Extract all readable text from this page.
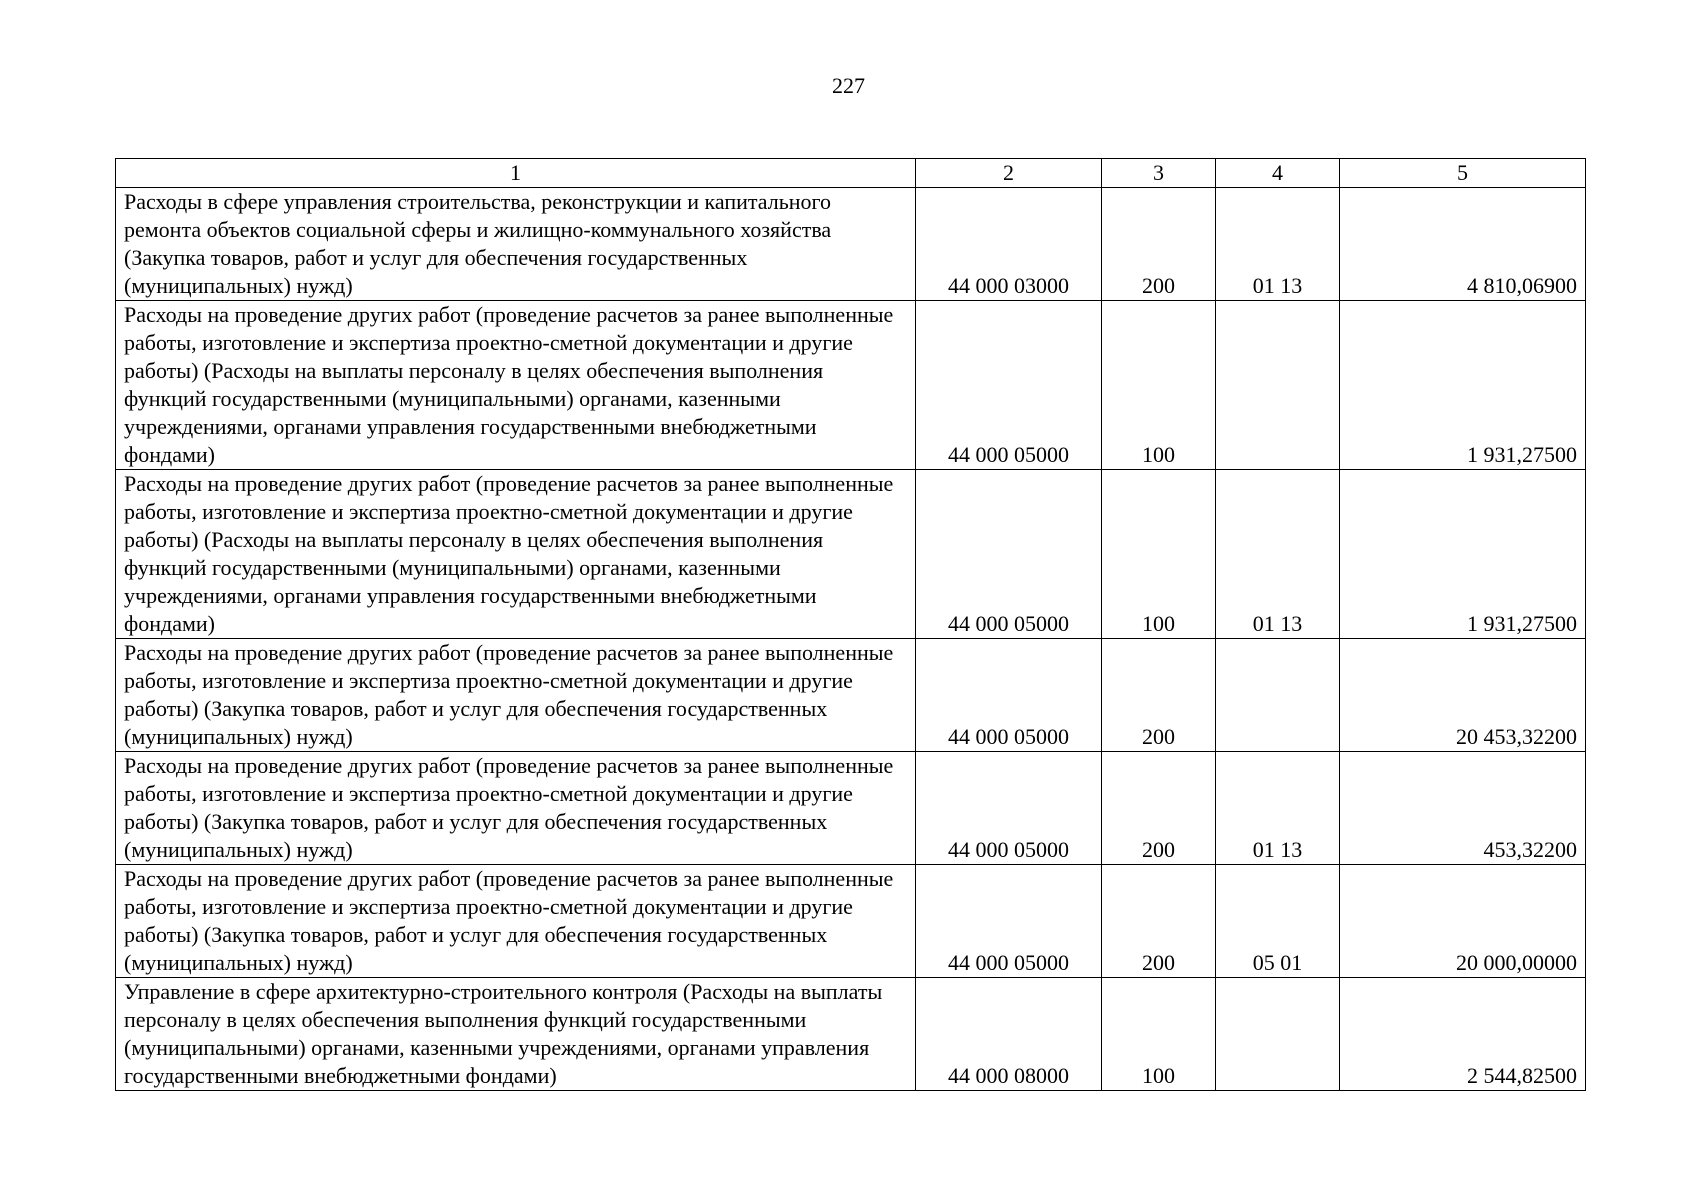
227
1	2	3	4	5
Расходы в сфере управления строительства, реконструкции и капитального ремонта объектов социальной сферы и жилищно-коммунального хозяйства (Закупка товаров, работ и услуг для обеспечения государственных (муниципальных) нужд)	44 000 03000	200	01 13	4 810,06900
Расходы на проведение других работ (проведение расчетов за ранее выполненные работы, изготовление и экспертиза проектно-сметной документации и другие работы) (Расходы на выплаты персоналу в целях обеспечения выполнения функций государственными (муниципальными) органами, казенными учреждениями, органами управления государственными внебюджетными фондами)	44 000 05000	100		1 931,27500
Расходы на проведение других работ (проведение расчетов за ранее выполненные работы, изготовление и экспертиза проектно-сметной документации и другие работы) (Расходы на выплаты персоналу в целях обеспечения выполнения функций государственными (муниципальными) органами, казенными учреждениями, органами управления государственными внебюджетными фондами)	44 000 05000	100	01 13	1 931,27500
Расходы на проведение других работ (проведение расчетов за ранее выполненные работы, изготовление и экспертиза проектно-сметной документации и другие работы) (Закупка товаров, работ и услуг для обеспечения государственных (муниципальных) нужд)	44 000 05000	200		20 453,32200
Расходы на проведение других работ (проведение расчетов за ранее выполненные работы, изготовление и экспертиза проектно-сметной документации и другие работы) (Закупка товаров, работ и услуг для обеспечения государственных (муниципальных) нужд)	44 000 05000	200	01 13	453,32200
Расходы на проведение других работ (проведение расчетов за ранее выполненные работы, изготовление и экспертиза проектно-сметной документации и другие работы) (Закупка товаров, работ и услуг для обеспечения государственных (муниципальных) нужд)	44 000 05000	200	05 01	20 000,00000
Управление в сфере архитектурно-строительного контроля (Расходы на выплаты персоналу в целях обеспечения выполнения функций государственными (муниципальными) органами, казенными учреждениями, органами управления государственными внебюджетными фондами)	44 000 08000	100		2 544,82500
